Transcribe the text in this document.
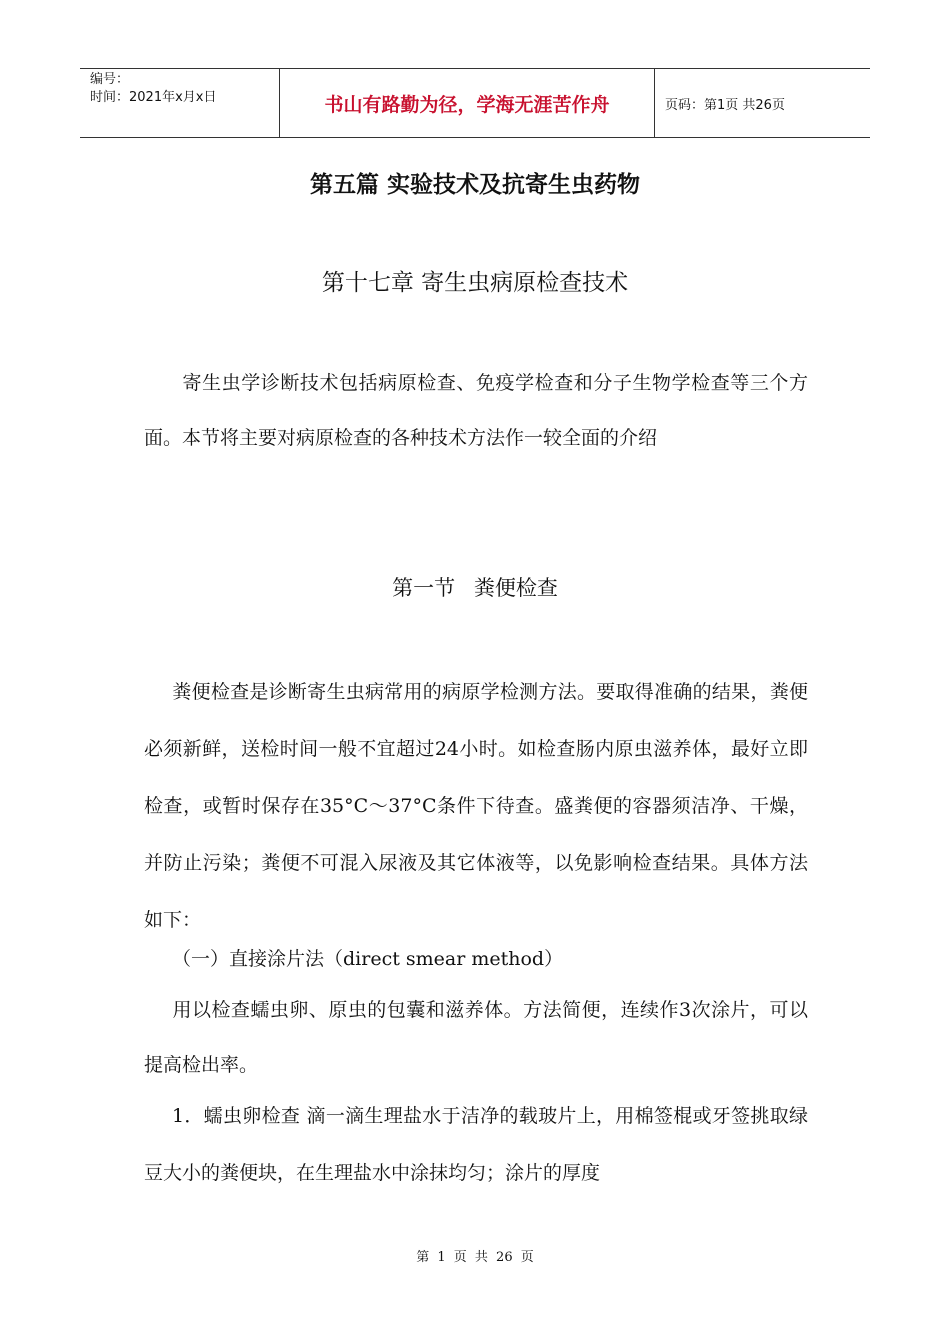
编号：
时间：2021年x月x日	书山有路勤为径，学海无涯苦作舟	页码：第1页 共26页
第五篇 实验技术及抗寄生虫药物
第十七章 寄生虫病原检查技术
寄生虫学诊断技术包括病原检查、免疫学检查和分子生物学检查等三个方面。本节将主要对病原检查的各种技术方法作一较全面的介绍
第一节 粪便检查
粪便检查是诊断寄生虫病常用的病原学检测方法。要取得准确的结果，粪便必须新鲜，送检时间一般不宜超过24小时。如检查肠内原虫滋养体，最好立即检查，或暂时保存在35°C～37°C条件下待查。盛粪便的容器须洁净、干燥，并防止污染；粪便不可混入尿液及其它体液等，以免影响检查结果。具体方法如下：
（一）直接涂片法（direct smear method）
用以检查蠕虫卵、原虫的包囊和滋养体。方法简便，连续作3次涂片，可以提高检出率。
1．蠕虫卵检查 滴一滴生理盐水于洁净的载玻片上，用棉签棍或牙签挑取绿豆大小的粪便块，在生理盐水中涂抹均匀；涂片的厚度
第 1 页 共 26 页
